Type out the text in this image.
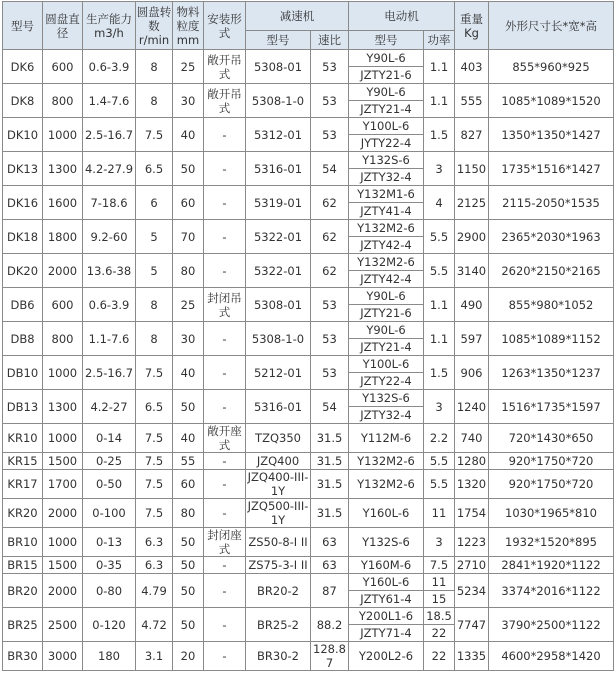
型号	圆盘直径	生产能力m3/h	圆盘转数r/min	物料粒度mm	安装形式	减速机		电动机		重量Kg	外形尺寸长*宽*高
						型号	速比	型号	功率		
DK6	600	0.6-3.9	8	25	敞开吊式	5308-01	53	Y90L-6	1.1	403	855*960*925
								JZTY21-6			
DK8	800	1.4-7.6	8	30	敞开吊式	5308-1-0	53	Y90L-6	1.1	555	1085*1089*1520
								JZTY21-4			
DK10	1000	2.5-16.7	7.5	40	-	5312-01	53	Y100L-6	1.5	827	1350*1350*1427
								JYTY22-4			
DK13	1300	4.2-27.9	6.5	50	-	5316-01	54	Y132S-6	3	1150	1735*1516*1427
								JZTY32-4			
DK16	1600	7-18.6	6	60	-	5319-01	62	Y132M1-6	4	2125	2115-2050*1535
								JZTY41-4			
DK18	1800	9.2-60	5	70	-	5322-01	62	Y132M2-6	5.5	2900	2365*2030*1963
								JZTY42-4			
DK20	2000	13.6-38	5	80	-	5322-01	62	Y132M2-6	5.5	3140	2620*2150*2165
								JZTY42-4			
DB6	600	0.6-3.9	8	25	封闭吊式	5308-01	53	Y90L-6	1.1	490	855*980*1052
								JZTY21-6			
DB8	800	1.1-7.6	8	30	-	5308-1-0	53	Y90L-6	1.1	597	1085*1089*1152
								JZTY21-4			
DB10	1000	2.5-16.7	7.5	40	-	5212-01	53	Y100L-6	1.5	906	1263*1350*1237
								JZTY22-4			
DB13	1300	4.2-27	6.5	50	-	5316-01	54	Y132S-6	3	1240	1516*1735*1597
								JZTY32-4			
KR10	1000	0-14	7.5	40	敞开座式	TZQ350	31.5	Y112M-6	2.2	740	720*1430*650
KR15	1500	0-25	7.5	55	-	JZQ400	31.5	Y132M2-6	5.5	1280	920*1750*720
KR17	1700	0-50	7.5	60	-	JZQ400-III-1Y	31.5	Y132M2-6	5.5	1320	920*1750*720
KR20	2000	0-100	7.5	80	-	JZQ500-III-1Y	31.5	Y160L-6	11	1754	1030*1965*810
BR10	1000	0-13	6.3	50	封闭座式	ZS50-8-I II	63	Y132S-6	3	1223	1932*1520*895
BR15	1500	0-35	6.3	50	-	ZS75-3-I II	63	Y160M-6	7.5	2710	2841*1920*1122
BR20	2000	0-80	4.79	50	-	BR20-2	87	Y160L-6	11	5234	3374*2016*1122
								JZTY61-4	15		
BR25	2500	0-120	4.72	50	-	BR25-2	88.2	Y200L1-6	18.5	7747	3790*2500*1122
								JZTY71-4	22		
BR30	3000	180	3.1	20	-	BR30-2	128.87	Y200L2-6	22	1335	4600*2958*1420
